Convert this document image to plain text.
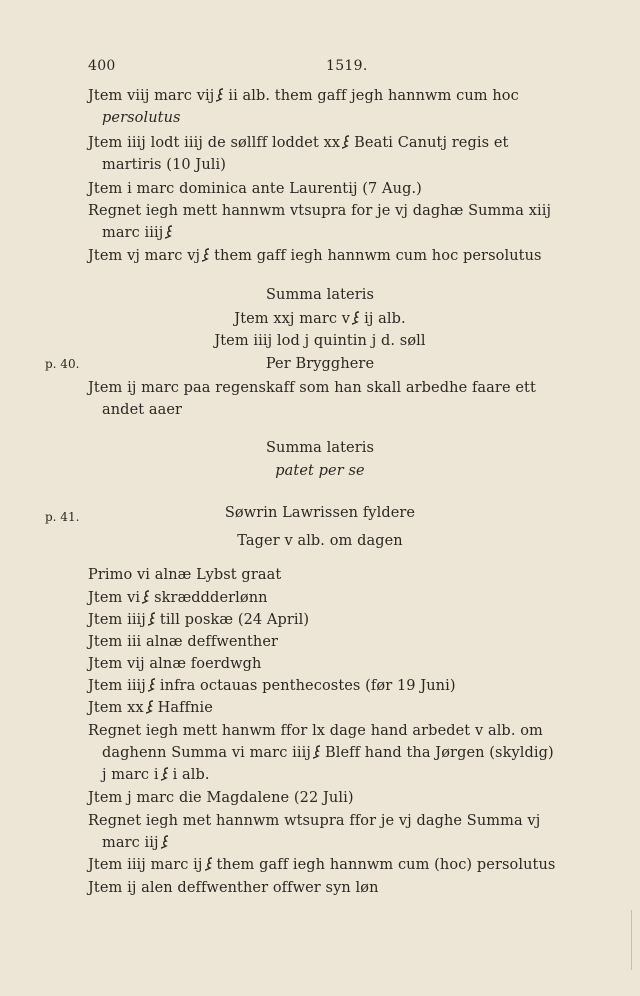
400	1519.
Jtem viij marc vij ii alb. them gaff jegh hannwm cum hoc
persolutus
Jtem iiij lodt iiij de søllff loddet xx Beati Canutj regis et
martiris (10 Juli)
Jtem i marc dominica ante Laurentij (7 Aug.)
Regnet iegh mett hannwm vtsupra for je vj daghæ Summa xiij
marc iiij
Jtem vj marc vj them gaff iegh hannwm cum hoc persolutus
Summa lateris
Jtem xxj marc v ij alb.
Jtem iiij lod j quintin j d. søll
p. 40.	Per Brygghere
Jtem ij marc paa regenskaff som han skall arbedhe faare ett
andet aaer
Summa lateris
patet per se
p. 41.	Søwrin Lawrissen fyldere
Tager v alb. om dagen
Primo vi alnæ Lybst graat
Jtem vi skræddderlønn
Jtem iiij till poskæ (24 April)
Jtem iii alnæ deffwenther
Jtem vij alnæ foerdwgh
Jtem iiij infra octauas penthecostes (før 19 Juni)
Jtem xx Haffnie
Regnet iegh mett hanwm ffor lx dage hand arbedet v alb. om
daghenn Summa vi marc iiij Bleff hand tha Jørgen (skyldig)
j marc i i alb.
Jtem j marc die Magdalene (22 Juli)
Regnet iegh met hannwm wtsupra ffor je vj daghe Summa vj
marc iij
Jtem iiij marc ij them gaff iegh hannwm cum (hoc) persolutus
Jtem ij alen deffwenther offwer syn løn
